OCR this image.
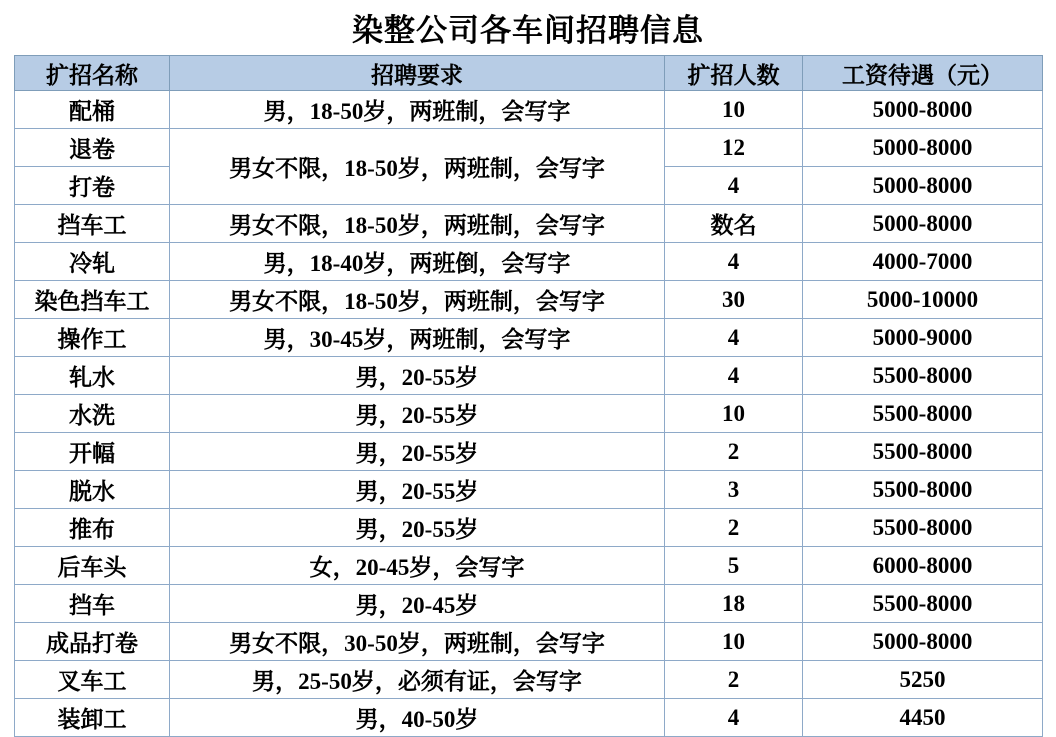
染整公司各车间招聘信息
扩招名称	招聘要求	扩招人数	工资待遇（元）
配桶	男，18-50岁，两班制，会写字	10	5000-8000
退卷	男女不限，18-50岁，两班制，会写字	12	5000-8000
打卷		4	5000-8000
挡车工	男女不限，18-50岁，两班制，会写字	数名	5000-8000
冷轧	男，18-40岁，两班倒，会写字	4	4000-7000
染色挡车工	男女不限，18-50岁，两班制，会写字	30	5000-10000
操作工	男，30-45岁，两班制，会写字	4	5000-9000
轧水	男，20-55岁	4	5500-8000
水洗	男，20-55岁	10	5500-8000
开幅	男，20-55岁	2	5500-8000
脱水	男，20-55岁	3	5500-8000
推布	男，20-55岁	2	5500-8000
后车头	女，20-45岁，会写字	5	6000-8000
挡车	男，20-45岁	18	5500-8000
成品打卷	男女不限，30-50岁，两班制，会写字	10	5000-8000
叉车工	男，25-50岁，必须有证，会写字	2	5250
装卸工	男，40-50岁	4	4450
